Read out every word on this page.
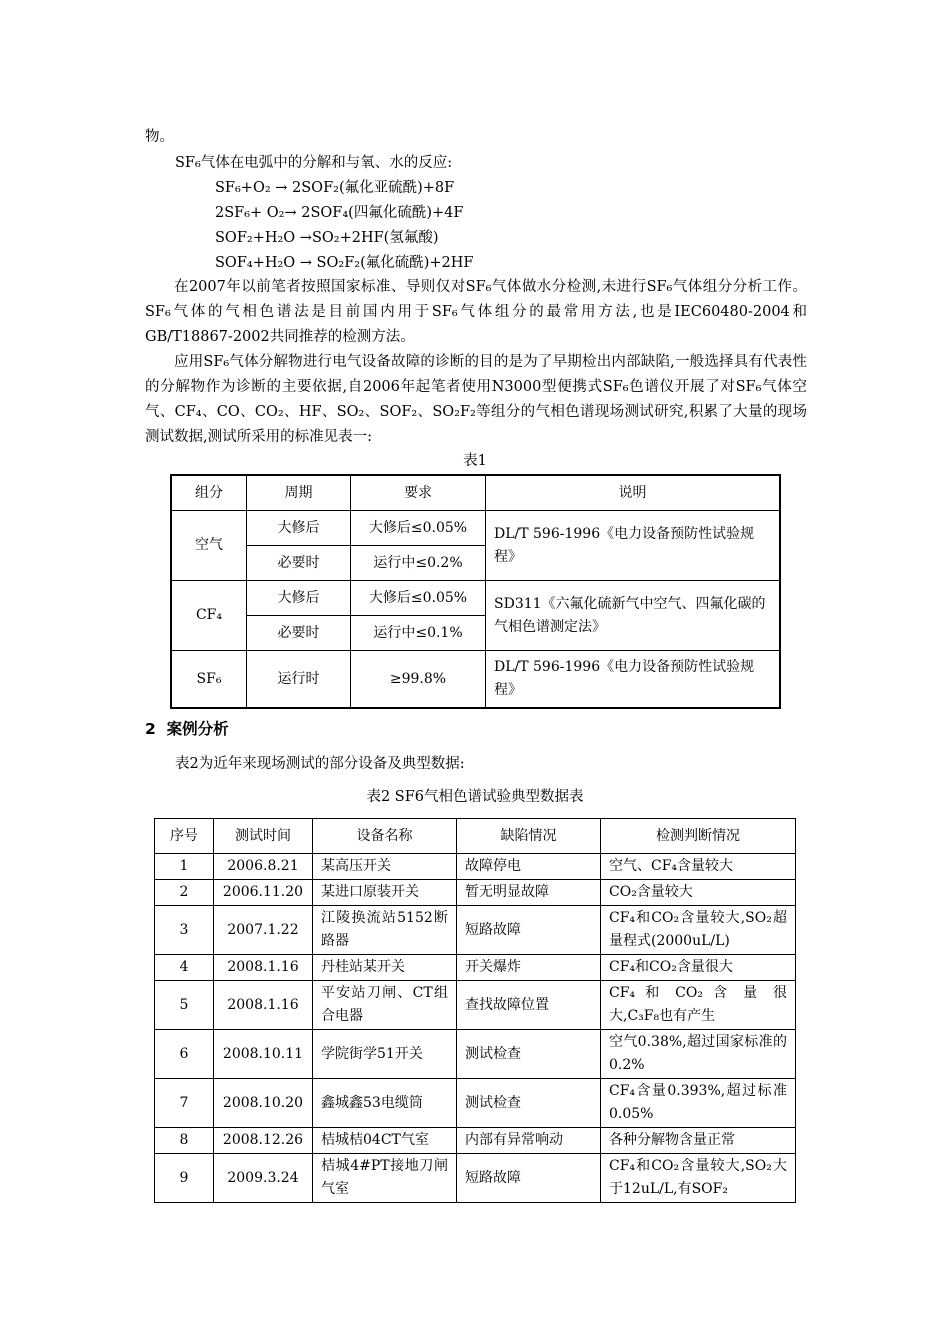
物。
SF₆气体在电弧中的分解和与氧、水的反应:
SF₆+O₂ → 2SOF₂(氟化亚硫酰)+8F
2SF₆+ O₂→ 2SOF₄(四氟化硫酰)+4F
SOF₂+H₂O →SO₂+2HF(氢氟酸)
SOF₄+H₂O → SO₂F₂(氟化硫酰)+2HF
在2007年以前笔者按照国家标准、导则仅对SF₆气体做水分检测,未进行SF₆气体组分分析工作。SF₆气体的气相色谱法是目前国内用于SF₆气体组分的最常用方法,也是IEC60480-2004和GB/T18867-2002共同推荐的检测方法。
应用SF₆气体分解物进行电气设备故障的诊断的目的是为了早期检出内部缺陷,一般选择具有代表性的分解物作为诊断的主要依据,自2006年起笔者使用N3000型便携式SF₆色谱仪开展了对SF₆气体空气、CF₄、CO、CO₂、HF、SO₂、SOF₂、SO₂F₂等组分的气相色谱现场测试研究,积累了大量的现场测试数据,测试所采用的标准见表一:
表1
组分	周期	要求	说明
空气	大修后	大修后≤0.05%	DL/T 596-1996《电力设备预防性试验规程》
	必要时	运行中≤0.2%	
CF₄	大修后	大修后≤0.05%	SD311《六氟化硫新气中空气、四氟化碳的气相色谱测定法》
	必要时	运行中≤0.1%	
SF₆	运行时	≥99.8%	DL/T 596-1996《电力设备预防性试验规程》
2 案例分析
表2为近年来现场测试的部分设备及典型数据:
表2 SF6气相色谱试验典型数据表
序号	测试时间	设备名称	缺陷情况	检测判断情况
1	2006.8.21	某高压开关	故障停电	空气、CF₄含量较大
2	2006.11.20	某进口原装开关	暂无明显故障	CO₂含量较大
3	2007.1.22	江陵换流站5152断路器	短路故障	CF₄和CO₂含量较大,SO₂超量程式(2000uL/L)
4	2008.1.16	丹桂站某开关	开关爆炸	CF₄和CO₂含量很大
5	2008.1.16	平安站刀闸、CT组合电器	查找故障位置	CF₄ 和 CO₂ 含 量 很大,C₃F₈也有产生
6	2008.10.11	学院街学51开关	测试检查	空气0.38%,超过国家标准的0.2%
7	2008.10.20	鑫城鑫53电缆筒	测试检查	CF₄含量0.393%,超过标准0.05%
8	2008.12.26	桔城桔04CT气室	内部有异常响动	各种分解物含量正常
9	2009.3.24	桔城4#PT接地刀闸气室	短路故障	CF₄和CO₂含量较大,SO₂大于12uL/L,有SOF₂
